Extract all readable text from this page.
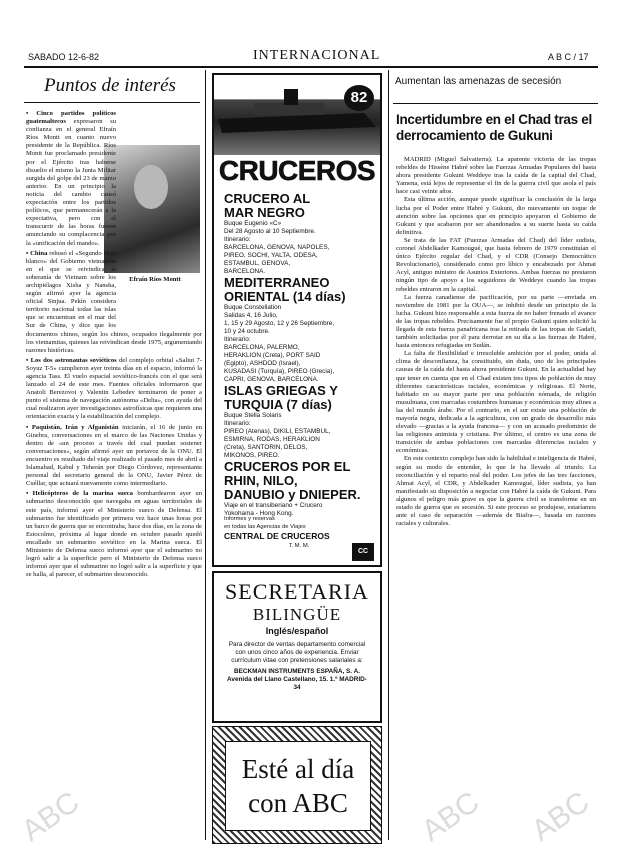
SABADO 12-6-82	INTERNACIONAL	A B C / 17
Puntos de interés
Efraín Ríos Montt

• Cinco partidos políticos guatemaltecos expresaron su confianza en el general Efraín Ríos Montt en cuanto nuevo presidente de la República. Ríos Montt fue proclamado presidente por el Ejército tras haberse disuelto el mismo la Junta Militar surgida del golpe del 23 de marzo anterior. En un principio la noticia del cambio causó expectación entre los partidos políticos, que permanecerán a la expectativa, pero con el transcurrir de las horas fueron anunciando su complacencia por la «unificación del mando».

• China rehusó el «Segundo libro blanco» del Gobierno vietnamita en el que se reivindica la soberanía de Vietnam sobre los archipiélagos Xisha y Nansha, según afirmó ayer la agencia oficial Sinjua. Pekín considera territorio nacional todas las islas que se encuentran en el mar del Sur de China, y dice que los documentos chinos, según los chinos, ocupados ilegalmente por los vietnamitas, quienes las reivindican desde 1975, argumentando razones históricas.

• Los dos astronautas soviéticos del complejo orbital «Saliut 7-Soyuz T-5» cumplieron ayer treinta días en el espacio, informó la agencia Tass. El vuelo espacial soviético-francés con el que será lanzado el 24 de este mes. Fuentes oficiales informaron que Anatoli Berezovoi y Valentin Lebedev terminaron de poner a punto el sistema de navegación autónoma «Delta», con ayuda del cual realizaron ayer investigaciones astrofísicas que requieren una orientación exacta y la estabilización del complejo.

• Paquistán, Irán y Afganistán iniciarán, el 16 de junio en Ginebra, conversaciones en el marco de las Naciones Unidas y dentro de «un proceso a través del cual puedan sostener conversaciones», según afirmó ayer un portavoz de la ONU. El encuentro es resultado del viaje realizado el pasado mes de abril a Islamabad, Kabul y Teherán por Diego Córdovez, representante personal del secretario general de la ONU, Javier Pérez de Cuéllar, que actuará nuevamente como intermediario.

• Helicópteros de la marina sueca bombardearon ayer un submarino desconocido que navegaba en aguas territoriales de este país, informó ayer el Ministerio sueco de Defensa. El submarino fue identificado por primera vez hace unas horas por un barco de guerra que se encontraba, hace dos días, en la zona de Estocolmo, próxima al lugar donde en octubre pasado quedó encallado un submarino soviético en la Marina sueca. El Ministerio de Defensa sueco informó ayer que el submarino no logró salir a la superficie pero el Ministerio de Defensa sueco informó ayer que el submarino no logró salir a la superficie y que se halla, al parecer, el submarino desconocido.

82
CRUCEROS

CRUCERO AL

MAR NEGRO

Buque Eugenio «C»

Del 28 Agosto al 10 Septiembre.

Itinerario:

BARCELONA, GENOVA, NAPOLES,

PIREO, SOCHI, YALTA, ODESA,

ESTAMBUL, GENOVA,

BARCELONA.

MEDITERRANEO

ORIENTAL (14 días)

Buque Constellation

Salidas 4, 16 Julio,

1, 15 y 29 Agosto, 12 y 26 Septiembre,

10 y 24 octubre.

Itinerario:

BARCELONA, PALERMO,

HERAKLION (Creta), PORT SAID

(Egipto), ASHDOD (Israel),

KUSADASI (Turquía), PIREO (Grecia),

CAPRI, GENOVA, BARCELONA.

ISLAS GRIEGAS Y

TURQUIA (7 días)

Buque Stella Solaris

Itinerario:

PIREO (Atenas), DIKILI, ESTAMBUL,

ESMIRNA, RODAS, HERAKLION

(Creta), SANTORIN, DELOS,

MIKONOS, PIREO.

CRUCEROS POR EL

RHIN, NILO,

DANUBIO y DNIEPER.

Viaje en el transiberiano + Crucero

Yokohama - Hong Kong.

Informes y reservas

en todas las Agencias de Viajes

CENTRAL DE CRUCEROS

T. M. M.

CC
SECRETARIA
BILINGÜE
Inglés/español
Para director de ventas departamento comercial con unos cinco años de experiencia. Enviar currículum vitae con pretensiones salariales a:
BECKMAN INSTRUMENTS ESPAÑA, S. A.
Avenida del Llano Castellano, 15. 1.º MADRID-34
Esté al día
con ABC
Aumentan las amenazas de secesión
Incertidumbre en el Chad tras el derrocamiento de Gukuni

MADRID (Miguel Salvatierra). La aparente victoria de las tropas rebeldes de Hissène Habré sobre las Fuerzas Armadas Populares del hasta ahora presidente Gukuni Weddeye tras la caída de la capital del Chad, Yamena, está lejos de representar el fin de la guerra civil que asola el país hace casi veinte años.

Esta última acción, aunque puede significar la conclusión de la larga lucha por el Poder entre Habré y Gukuni, dio nuevamente un toque de atención sobre las opciones que en principio apoyaron el Gobierno de Gukuni y que acabaron por ser abandonados a su suerte hasta su caída definitiva.

Se trata de las FAT (Fuerzas Armadas del Chad) del líder sudista, coronel Abdelkader Kamougué, que hasta febrero de 1979 constituían el único Ejército regular del Chad, y el CDR (Consejo Democrático Revolucionario), considerado como pro líbico y encabezado por Ahmat Acyl, antiguo ministro de Asuntos Exteriores. Ambas fuerzas no prestaron ningún tipo de apoyo a los seguidores de Weddeye cuando las tropas rebeldes entraron en la capital.

La fuerza canadiense de pacificación, por su parte —enviada en noviembre de 1981 por la OUA—, se inhibió desde un principio de la lucha. Gukuni hizo responsable a esta fuerza de no haber frenado el avance de las tropas rebeldes. Precisamente fue el propio Gukuni quien solicitó la llegada de esta fuerza panafricana tras la retirada de las tropas de Gadafi, también solicitadas por él para derrotar en su día a las fuerzas de Habré, hasta entonces refugiadas en Sudán.

La falta de flexibilidad e irresoluble ambición por el poder, unida al clima de desconfianza, ha constituido, sin duda, uno de los principales causas de la caída del hasta ahora presidente Gukuni. En la actualidad hay que tener en cuenta que en el Chad existen tres tipos de población de muy diferentes características raciales, económicas y religiosas. El Norte, habitado en su mayor parte por una población nómada, de religión musulmana, con marcadas costumbres humanas y económicas muy afines a las del mundo árabe. Por el contrario, en el sur existe una población de mayoría negra, dedicada a la agricultura, con un grado de desarrollo más elevado —gracias a la ayuda francesa— y con un acusado predominio de las religiones animista y cristiana. Por último, el centro es una zona de transición de ambas poblaciones con marcadas diferencias raciales y económicas.

En este contexto complejo han sido la habilidad e inteligencia de Habré, según su modo de entender, lo que le ha llevado al triunfo. La reconciliación y el reparto real del poder. Los jefes de las tres facciones, Ahmat Acyl, el CDR, y Abdelkader Kamougué, líder sudista, ya han manifestado su disposición a negociar con Habré la caída de Gukuni. Para algunos el peligro más grave es que la guerra civil se transforme en un estado de guerra que es secesión. Si este proceso se produjese, estaríamos ante el caso de separación —además de Biafra—, basada en razones raciales y culturales.

ABC	ABC ABC
